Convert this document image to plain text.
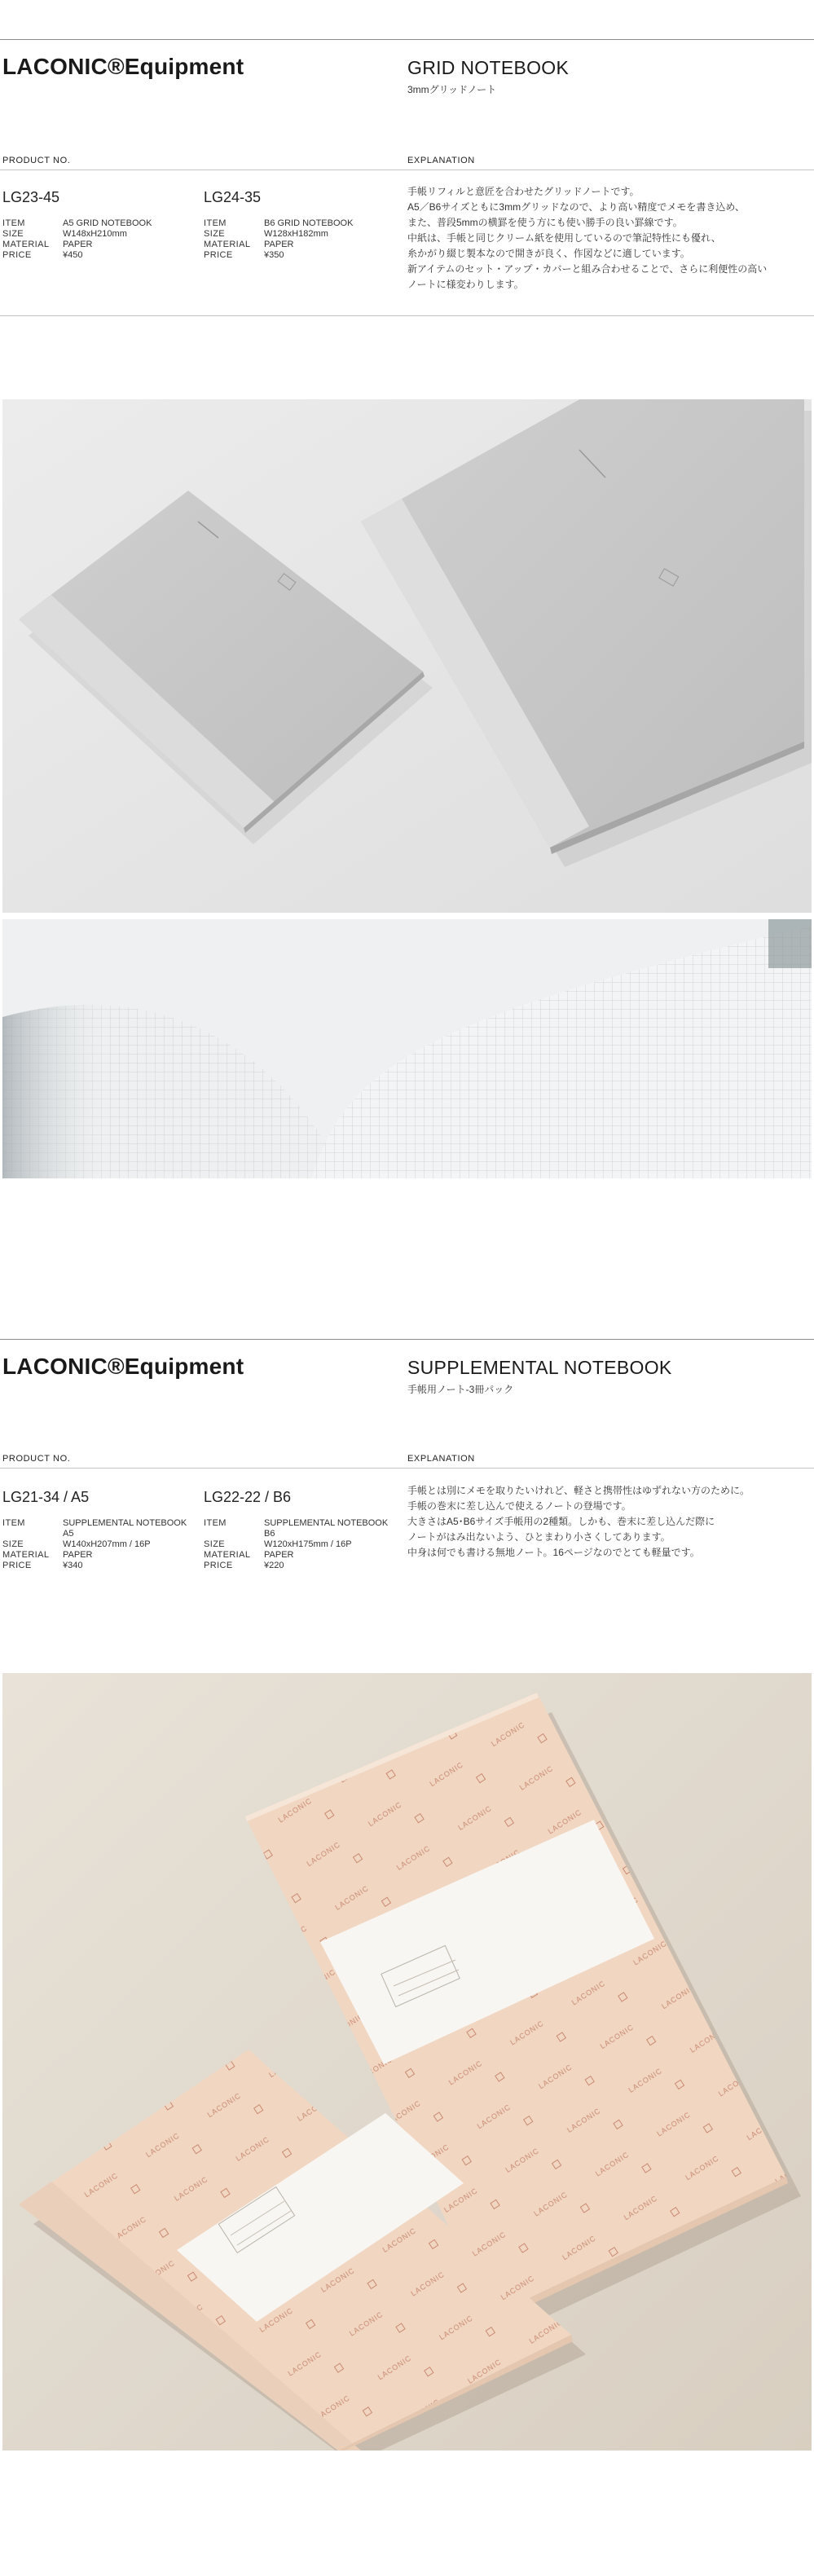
LACONIC®Equipment	GRID NOTEBOOK
3mmグリッドノート
PRODUCT NO.	EXPLANATION
LG23-45	LG24-35
ITEM	A5 GRID NOTEBOOK
SIZE	W148xH210mm
MATERIAL	PAPER
PRICE	¥450
ITEM	B6 GRID NOTEBOOK
SIZE	W128xH182mm
MATERIAL	PAPER
PRICE	¥350

手帳リフィルと意匠を合わせたグリッドノートです。

A5／B6サイズともに3mmグリッドなので、より高い精度でメモを書き込め、

また、普段5mmの横罫を使う方にも使い勝手の良い罫線です。

中紙は、手帳と同じクリーム紙を使用しているので筆記特性にも優れ、

糸かがり綴じ製本なので開きが良く、作図などに適しています。

新アイテムのセット・アップ・カバーと組み合わせることで、さらに利便性の高い

ノートに様変わりします。

LACONIC®Equipment	SUPPLEMENTAL NOTEBOOK
手帳用ノート-3冊パック
PRODUCT NO.	EXPLANATION
LG21-34 / A5	LG22-22 / B6
ITEM	SUPPLEMENTAL NOTEBOOK
A5
SIZE	W140xH207mm / 16P
MATERIAL	PAPER
PRICE	¥340
ITEM	SUPPLEMENTAL NOTEBOOK
B6
SIZE	W120xH175mm / 16P
MATERIAL	PAPER
PRICE	¥220

手帳とは別にメモを取りたいけれど、軽さと携帯性はゆずれない方のために。

手帳の巻末に差し込んで使えるノートの登場です。

大きさはA5･B6サイズ手帳用の2種類。しかも、巻末に差し込んだ際に

ノートがはみ出ないよう、ひとまわり小さくしてあります。

中身は何でも書ける無地ノート。16ページなのでとても軽量です。
